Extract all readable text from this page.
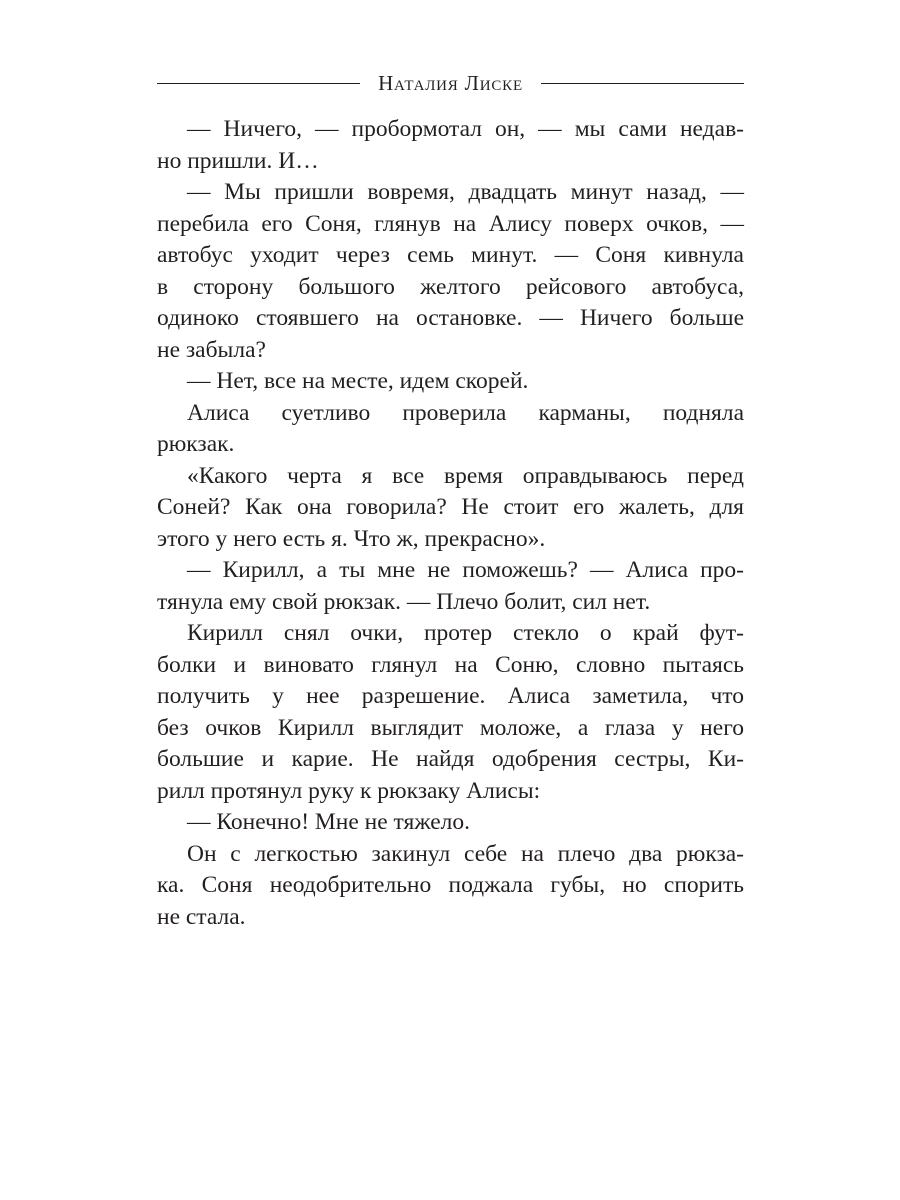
Наталия Лиске
— Ничего, — пробормотал он, — мы сами недав-
но пришли. И…
— Мы пришли вовремя, двадцать минут назад, —
перебила его Соня, глянув на Алису поверх очков, —
автобус уходит через семь минут. — Соня кивнула
в сторону большого желтого рейсового автобуса,
одиноко стоявшего на остановке. — Ничего больше
не забыла?
— Нет, все на месте, идем скорей.
Алиса суетливо проверила карманы, подняла
рюкзак.
«Какого черта я все время оправдываюсь перед
Соней? Как она говорила? Не стоит его жалеть, для
этого у него есть я. Что ж, прекрасно».
— Кирилл, а ты мне не поможешь? — Алиса про-
тянула ему свой рюкзак. — Плечо болит, сил нет.
Кирилл снял очки, протер стекло о край фут-
болки и виновато глянул на Соню, словно пытаясь
получить у нее разрешение. Алиса заметила, что
без очков Кирилл выглядит моложе, а глаза у него
большие и карие. Не найдя одобрения сестры, Ки-
рилл протянул руку к рюкзаку Алисы:
— Конечно! Мне не тяжело.
Он с легкостью закинул себе на плечо два рюкза-
ка. Соня неодобрительно поджала губы, но спорить
не стала.
